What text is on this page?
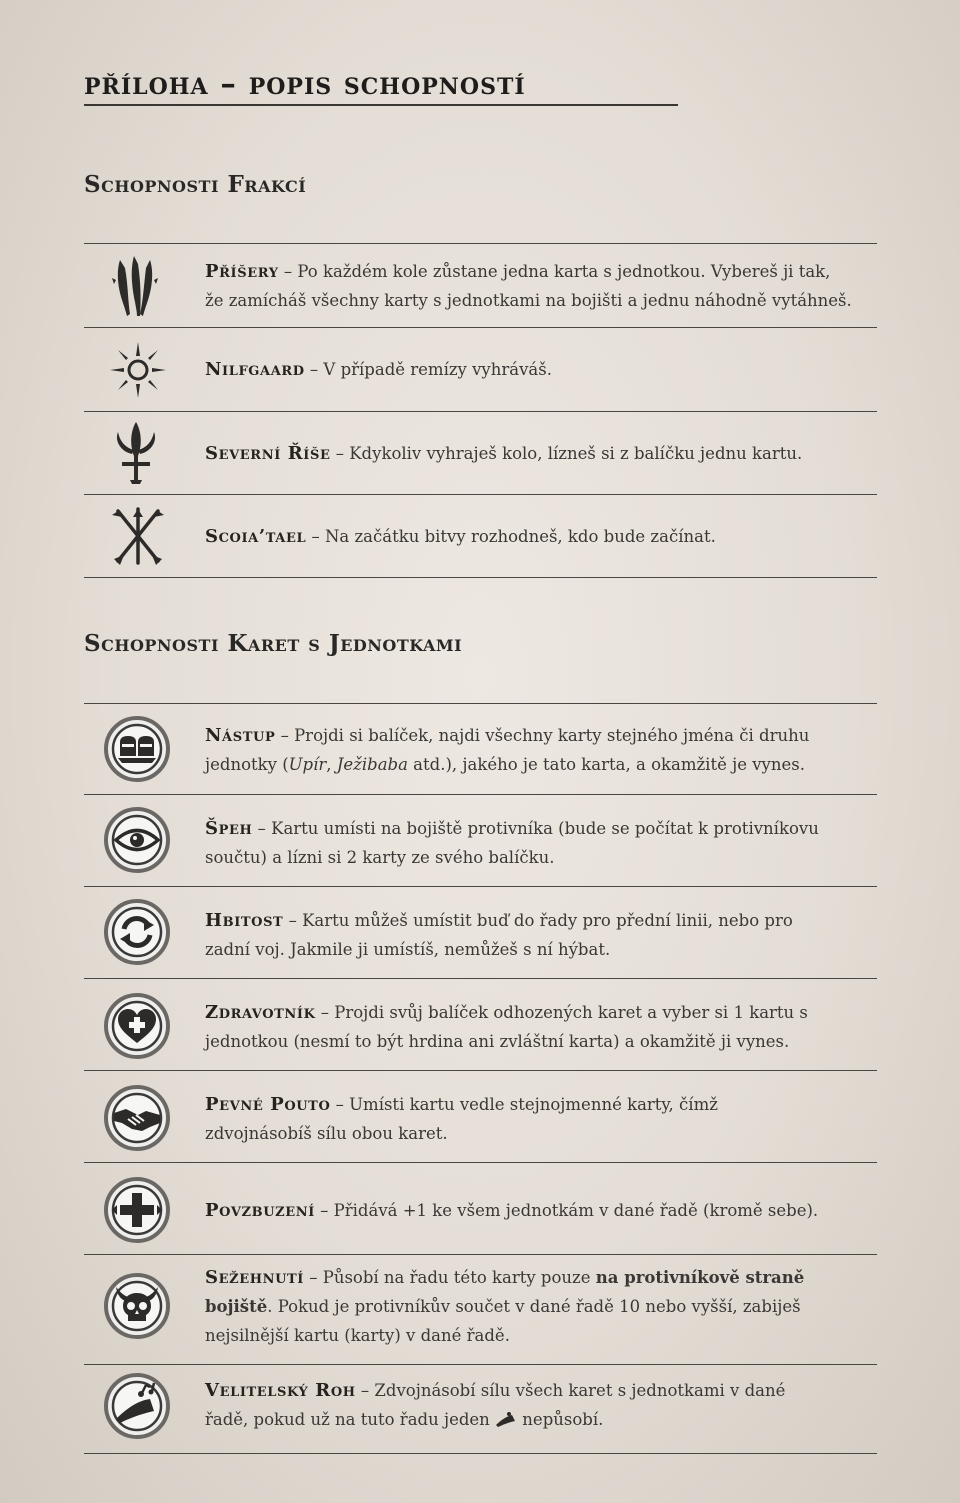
příloha – popis schopností
Schopnosti Frakcí
Příšery – Po každém kole zůstane jedna karta s jednotkou. Vybereš ji tak,
že zamícháš všechny karty s jednotkami na bojišti a jednu náhodně vytáhneš.
Nilfgaard – V případě remízy vyhráváš.
Severní Říše – Kdykoliv vyhraješ kolo, lízneš si z balíčku jednu kartu.
Scoia’tael – Na začátku bitvy rozhodneš, kdo bude začínat.
Schopnosti Karet s Jednotkami
Nástup – Projdi si balíček, najdi všechny karty stejného jména či druhu
jednotky (Upír, Ježibaba atd.), jakého je tato karta, a okamžitě je vynes.
Špeh – Kartu umísti na bojiště protivníka (bude se počítat k protivníkovu
součtu) a lízni si 2 karty ze svého balíčku.
Hbitost – Kartu můžeš umístit buď do řady pro přední linii, nebo pro
zadní voj. Jakmile ji umístíš, nemůžeš s ní hýbat.
Zdravotník – Projdi svůj balíček odhozených karet a vyber si 1 kartu s
jednotkou (nesmí to být hrdina ani zvláštní karta) a okamžitě ji vynes.
Pevné Pouto – Umísti kartu vedle stejnojmenné karty, čímž
zdvojnásobíš sílu obou karet.
Povzbuzení – Přidává +1 ke všem jednotkám v dané řadě (kromě sebe).
Sežehnutí – Působí na řadu této karty pouze na protivníkově straně
bojiště. Pokud je protivníkův součet v dané řadě 10 nebo vyšší, zabiješ
nejsilnější kartu (karty) v dané řadě.
Velitelský Roh – Zdvojnásobí sílu všech karet s jednotkami v dané
řadě, pokud už na tuto řadu jeden  nepůsobí.
